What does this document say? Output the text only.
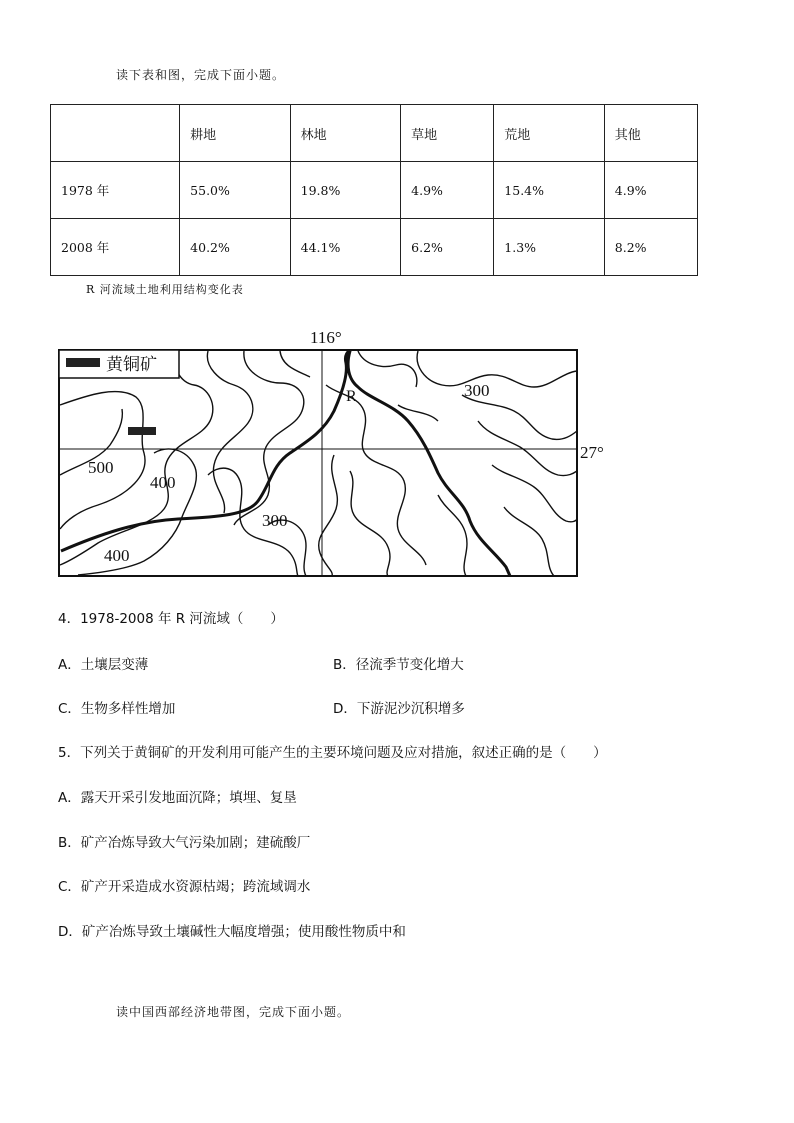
读下表和图，完成下面小题。
	耕地	林地	草地	荒地	其他
1978 年	55.0%	19.8%	4.9%	15.4%	4.9%
2008 年	40.2%	44.1%	6.2%	1.3%	8.2%
R 河流域土地利用结构变化表
黄铜矿
116°
27°
R
500
400
300
400
300
4．1978-2008 年 R 河流域（　　）
A．土壤层变薄	B．径流季节变化增大
C．生物多样性增加	D．下游泥沙沉积增多
5．下列关于黄铜矿的开发利用可能产生的主要环境问题及应对措施，叙述正确的是（　　）
A．露天开采引发地面沉降；填埋、复垦
B．矿产冶炼导致大气污染加剧；建硫酸厂
C．矿产开采造成水资源枯竭；跨流域调水
D．矿产冶炼导致土壤碱性大幅度增强；使用酸性物质中和
读中国西部经济地带图，完成下面小题。
